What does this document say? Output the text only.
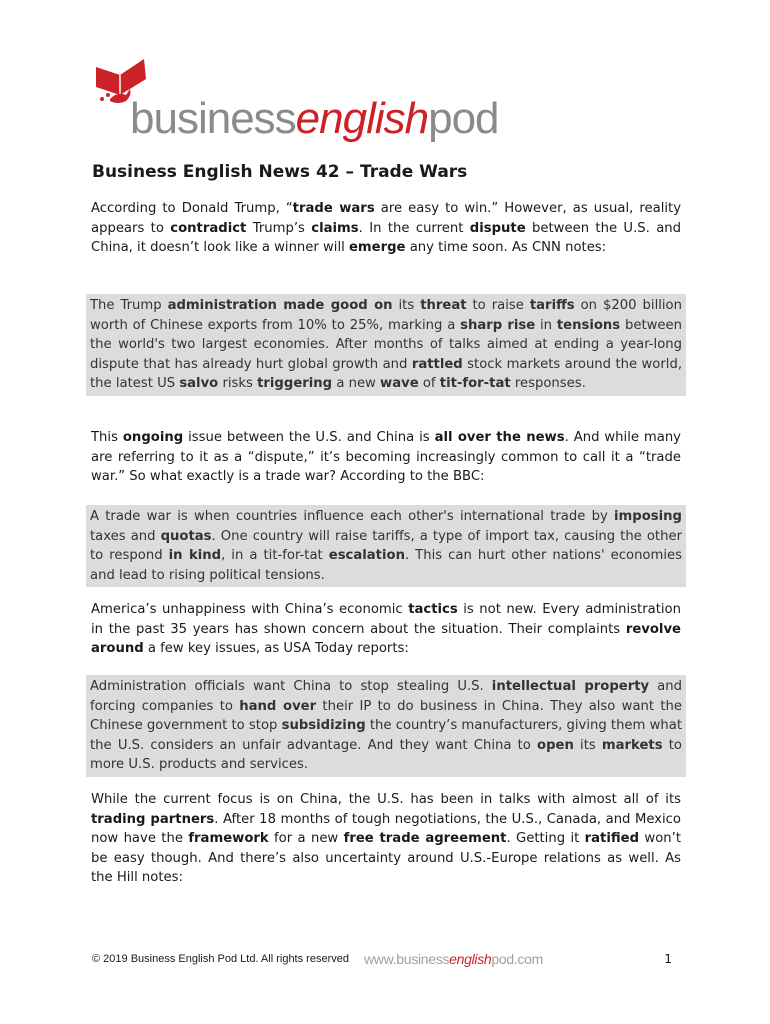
businessenglishpod
Business English News 42 – Trade Wars
According to Donald Trump, “trade wars are easy to win.” However, as usual, reality appears to contradict Trump’s claims. In the current dispute between the U.S. and China, it doesn’t look like a winner will emerge any time soon. As CNN notes:
The Trump administration made good on its threat to raise tariffs on $200 billion worth of Chinese exports from 10% to 25%, marking a sharp rise in tensions between the world's two largest economies. After months of talks aimed at ending a year-long dispute that has already hurt global growth and rattled stock markets around the world, the latest US salvo risks triggering a new wave of tit-for-tat responses.
This ongoing issue between the U.S. and China is all over the news. And while many are referring to it as a “dispute,” it’s becoming increasingly common to call it a “trade war.” So what exactly is a trade war? According to the BBC:
A trade war is when countries influence each other's international trade by imposing taxes and quotas. One country will raise tariffs, a type of import tax, causing the other to respond in kind, in a tit-for-tat escalation. This can hurt other nations' economies and lead to rising political tensions.
America’s unhappiness with China’s economic tactics is not new. Every administration in the past 35 years has shown concern about the situation. Their complaints revolve around a few key issues, as USA Today reports:
Administration officials want China to stop stealing U.S. intellectual property and forcing companies to hand over their IP to do business in China. They also want the Chinese government to stop subsidizing the country’s manufacturers, giving them what the U.S. considers an unfair advantage. And they want China to open its markets to more U.S. products and services.
While the current focus is on China, the U.S. has been in talks with almost all of its trading partners. After 18 months of tough negotiations, the U.S., Canada, and Mexico now have the framework for a new free trade agreement. Getting it ratified won’t be easy though. And there’s also uncertainty around U.S.-Europe relations as well. As the Hill notes:
© 2019 Business English Pod Ltd. All rights reserved www.businessenglishpod.com	1
